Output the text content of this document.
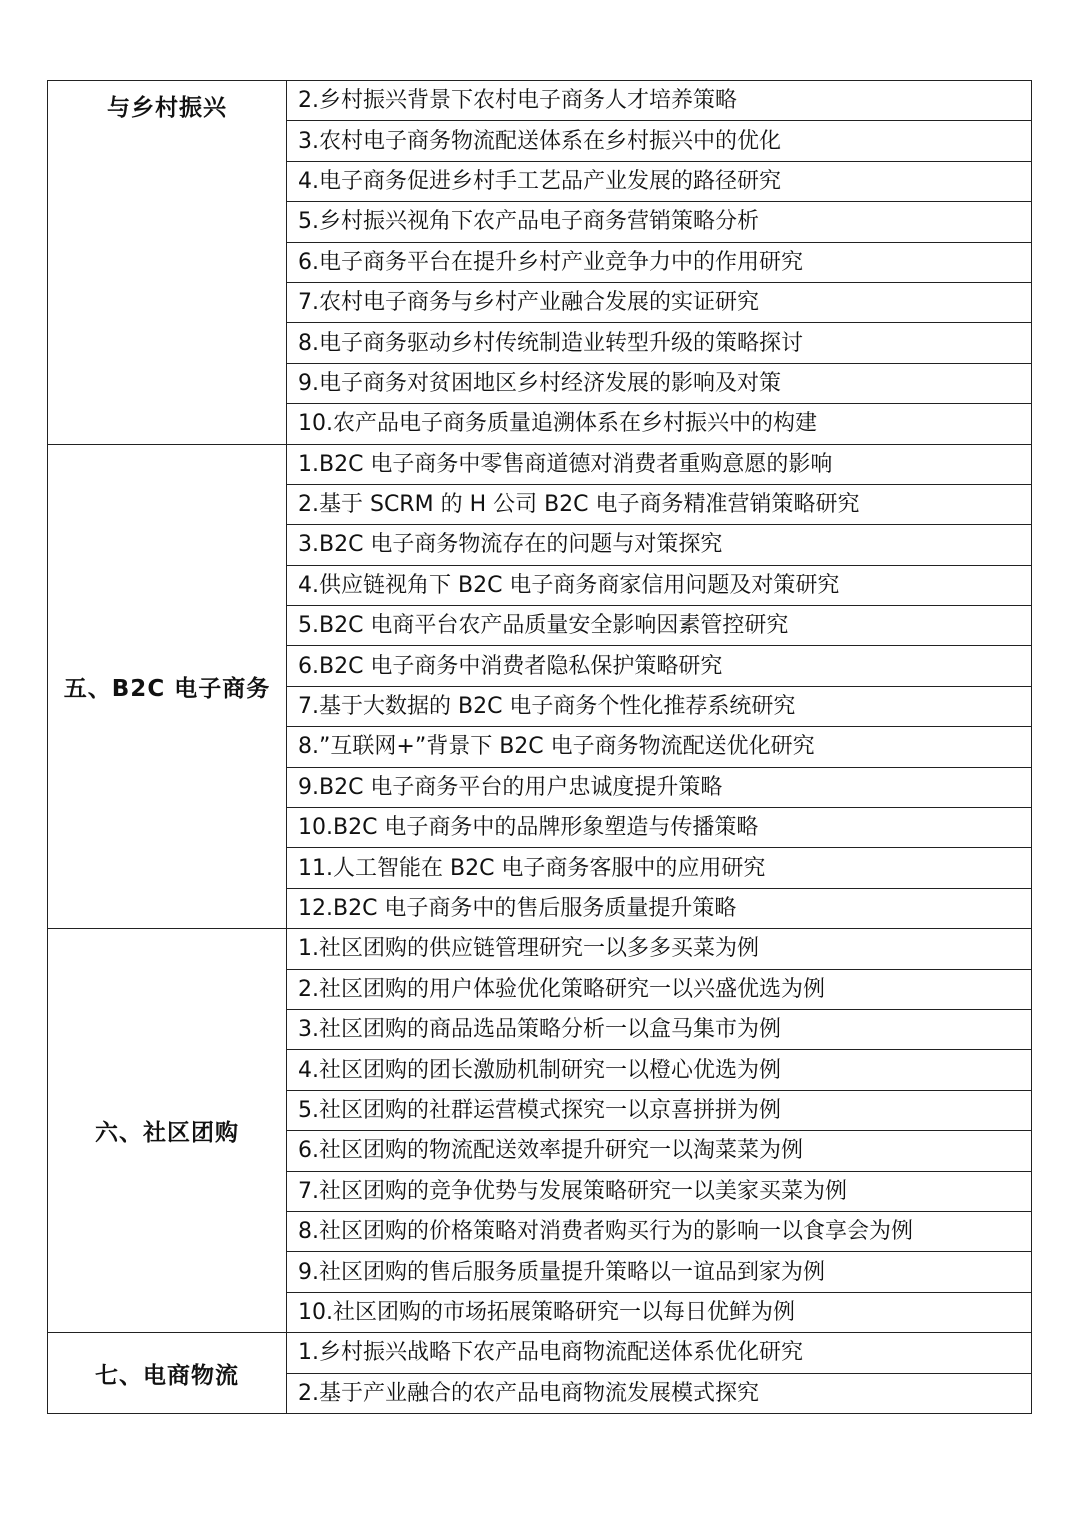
与乡村振兴	2.乡村振兴背景下农村电子商务人才培养策略
	3.农村电子商务物流配送体系在乡村振兴中的优化
	4.电子商务促进乡村手工艺品产业发展的路径研究
	5.乡村振兴视角下农产品电子商务营销策略分析
	6.电子商务平台在提升乡村产业竞争力中的作用研究
	7.农村电子商务与乡村产业融合发展的实证研究
	8.电子商务驱动乡村传统制造业转型升级的策略探讨
	9.电子商务对贫困地区乡村经济发展的影响及对策
	10.农产品电子商务质量追溯体系在乡村振兴中的构建
五、B2C 电子商务	1.B2C 电子商务中零售商道德对消费者重购意愿的影响
	2.基于 SCRM 的 H 公司 B2C 电子商务精准营销策略研究
	3.B2C 电子商务物流存在的问题与对策探究
	4.供应链视角下 B2C 电子商务商家信用问题及对策研究
	5.B2C 电商平台农产品质量安全影响因素管控研究
	6.B2C 电子商务中消费者隐私保护策略研究
	7.基于大数据的 B2C 电子商务个性化推荐系统研究
	8.”互联网+”背景下 B2C 电子商务物流配送优化研究
	9.B2C 电子商务平台的用户忠诚度提升策略
	10.B2C 电子商务中的品牌形象塑造与传播策略
	11.人工智能在 B2C 电子商务客服中的应用研究
	12.B2C 电子商务中的售后服务质量提升策略
六、社区团购	1.社区团购的供应链管理研究一以多多买菜为例
	2.社区团购的用户体验优化策略研究一以兴盛优选为例
	3.社区团购的商品选品策略分析一以盒马集市为例
	4.社区团购的团长激励机制研究一以橙心优选为例
	5.社区团购的社群运营模式探究一以京喜拼拼为例
	6.社区团购的物流配送效率提升研究一以淘菜菜为例
	7.社区团购的竞争优势与发展策略研究一以美家买菜为例
	8.社区团购的价格策略对消费者购买行为的影响一以食享会为例
	9.社区团购的售后服务质量提升策略以一谊品到家为例
	10.社区团购的市场拓展策略研究一以每日优鲜为例
七、电商物流	1.乡村振兴战略下农产品电商物流配送体系优化研究
	2.基于产业融合的农产品电商物流发展模式探究
